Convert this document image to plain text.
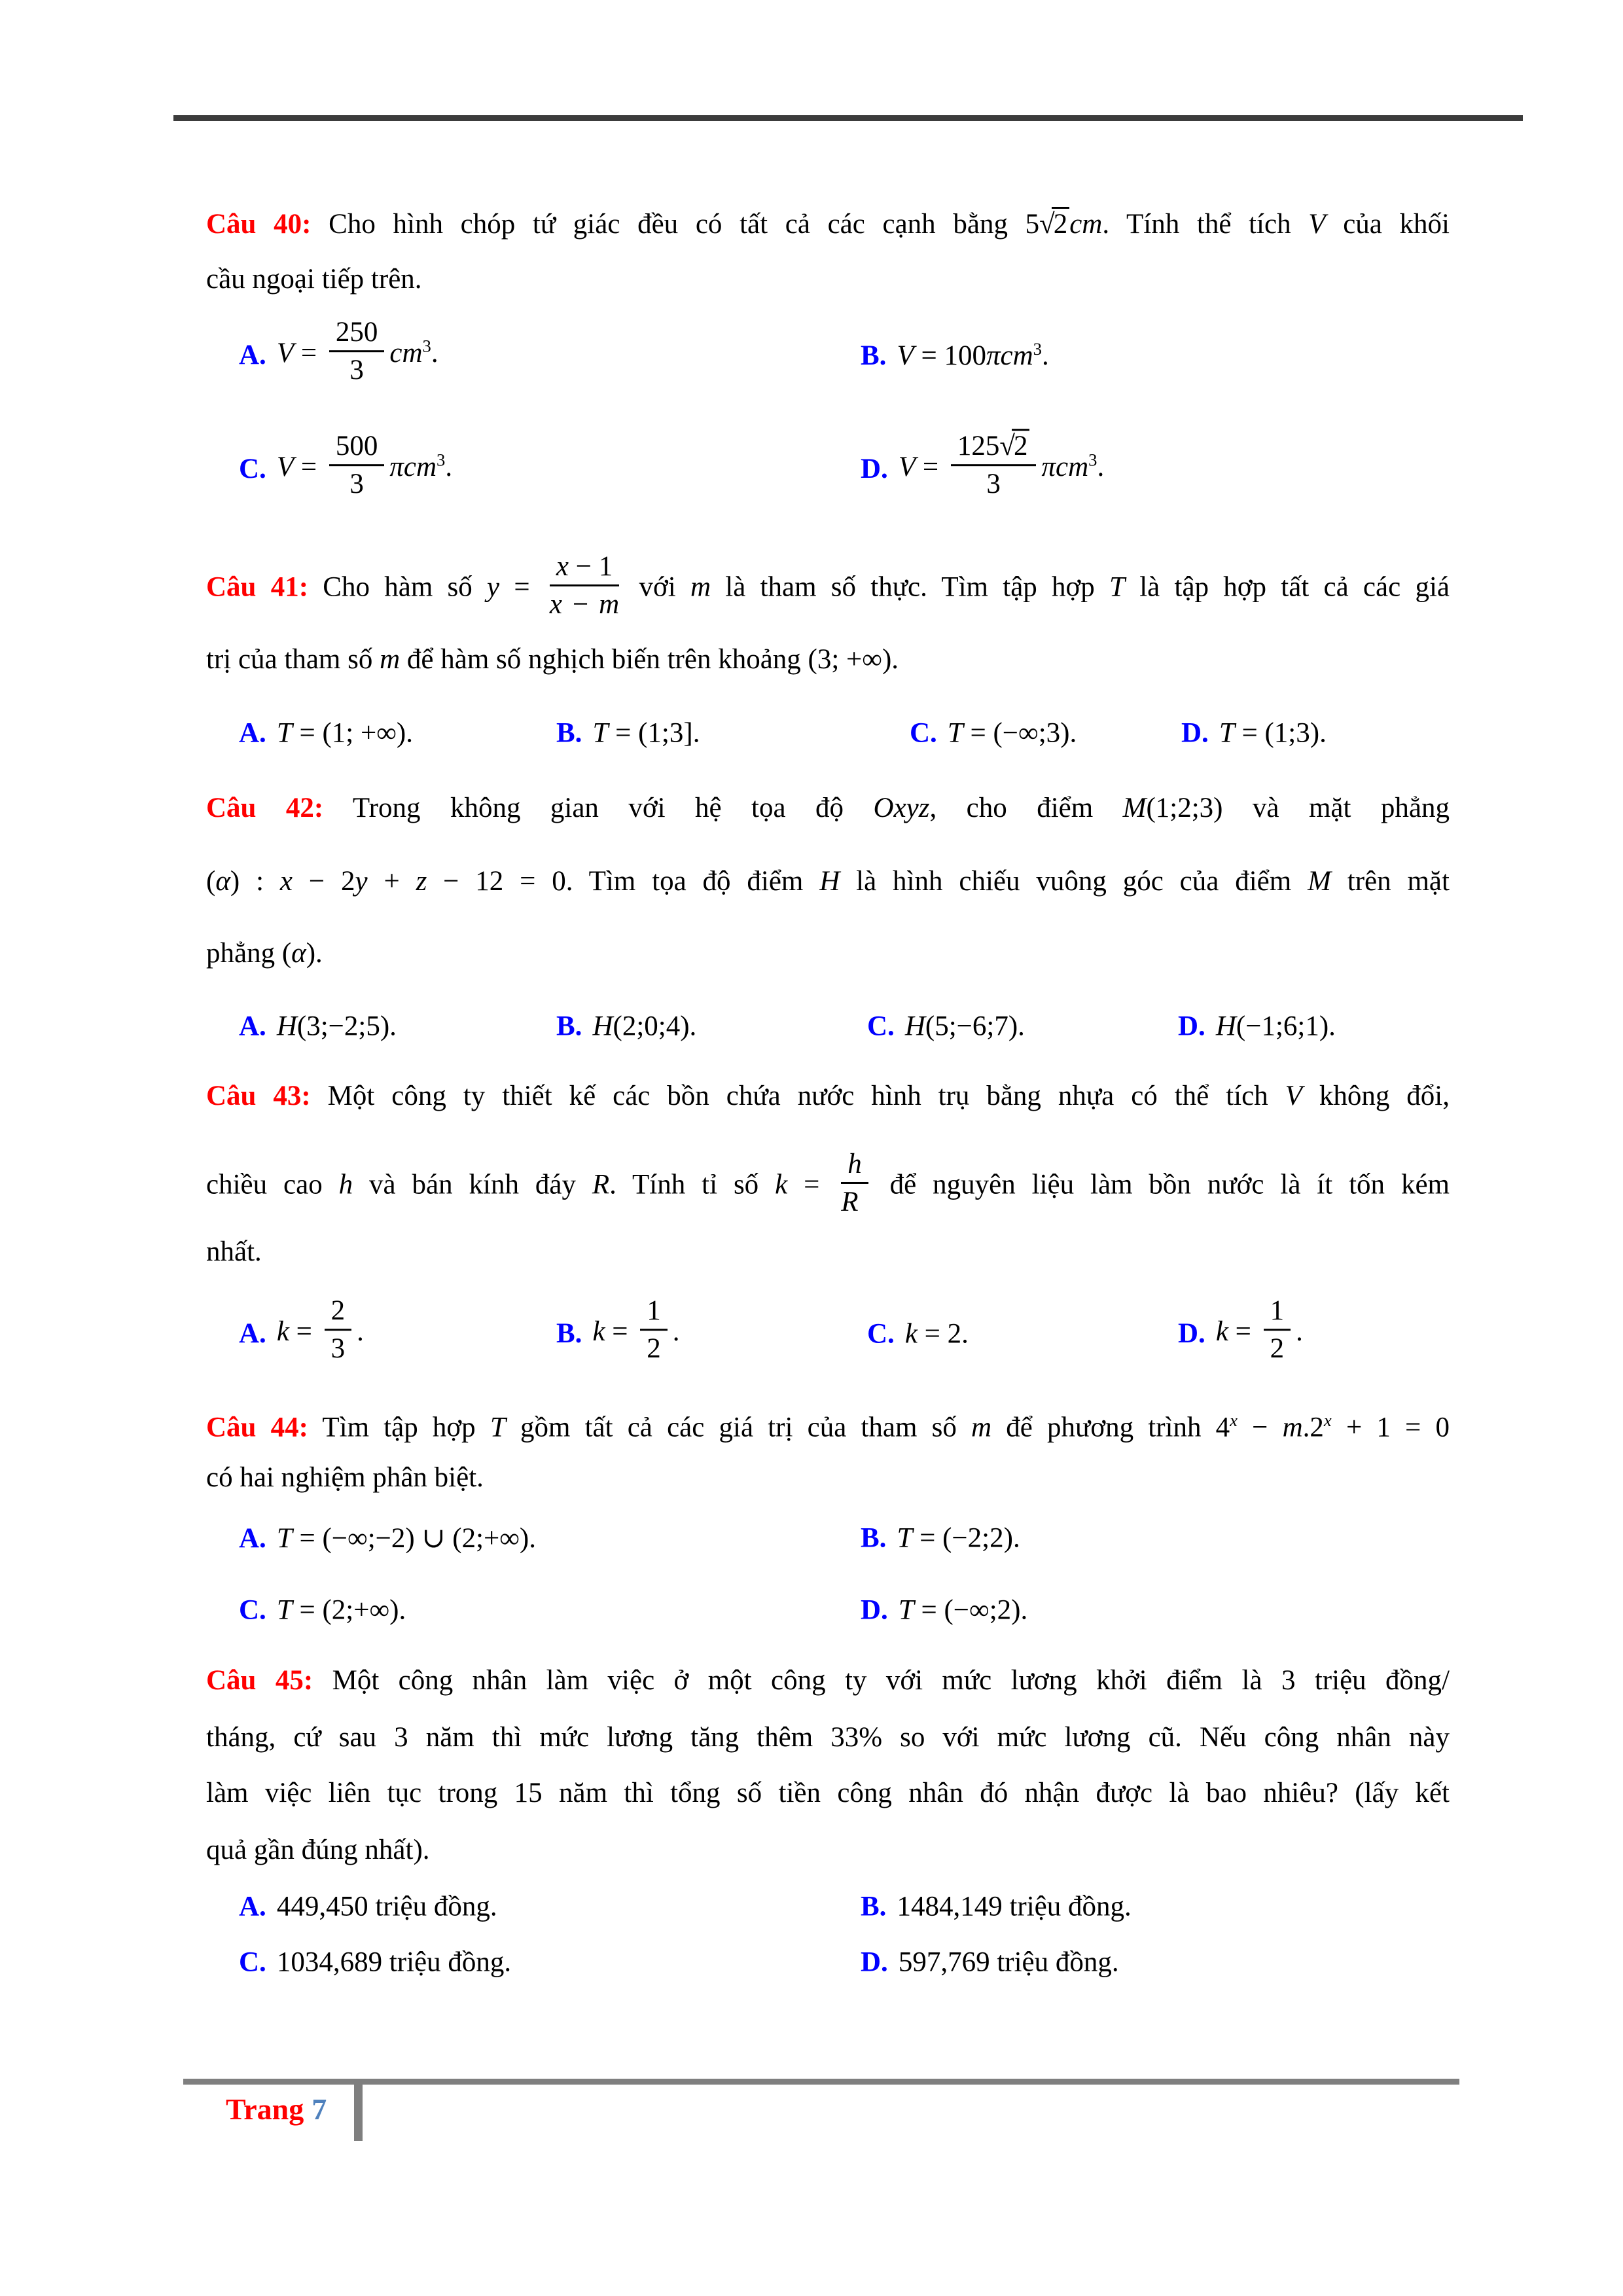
Câu 40: Cho hình chóp tứ giác đều có tất cả các cạnh bằng 5√2cm. Tính thể tích V của khối
cầu ngoại tiếp trên.
A. $V = \frac{250}{3} cm^3$.	B. V = 100πcm$^3$.
C. $V = \frac{500}{3} \pi cm^3$.	D. $V = \frac{125√2}{3} \pi cm^3$.
Câu 41: Cho hàm số $y = \frac{x - 1}{x - m}$ với m là tham số thực. Tìm tập hợp T là tập hợp tất cả các giá
trị của tham số m để hàm số nghịch biến trên khoảng (3; +∞).
A. T = (1; +∞).	B. T = (1;3].	C. T = (−∞;3).	D. T = (1;3).
Câu 42: Trong không gian với hệ tọa độ Oxyz, cho điểm M(1;2;3) và mặt phẳng
(α) : x − 2y + z − 12 = 0. Tìm tọa độ điểm H là hình chiếu vuông góc của điểm M trên mặt
phẳng (α).
A. H(3;−2;5).	B. H(2;0;4).	C. H(5;−6;7).	D. H(−1;6;1).
Câu 43: Một công ty thiết kế các bồn chứa nước hình trụ bằng nhựa có thể tích V không đổi,
chiều cao h và bán kính đáy R. Tính tỉ số $k = \frac{h}{R}$ để nguyên liệu làm bồn nước là ít tốn kém
nhất.
A. $k = \frac{2}{3}$ .	B. $k = \frac{1}{2}$ .	C. k = 2.	D. $k = \frac{1}{2}$ .
Câu 44: Tìm tập hợp T gồm tất cả các giá trị của tham số m để phương trình $4^x - m.2^x + 1 = 0$
có hai nghiệm phân biệt.
A. T = (−∞;−2) ∪ (2;+∞).	B. T = (−2;2).
C. T = (2;+∞).	D. T = (−∞;2).
Câu 45: Một công nhân làm việc ở một công ty với mức lương khởi điểm là 3 triệu đồng/
tháng, cứ sau 3 năm thì mức lương tăng thêm 33% so với mức lương cũ. Nếu công nhân này
làm việc liên tục trong 15 năm thì tổng số tiền công nhân đó nhận được là bao nhiêu? (lấy kết
quả gần đúng nhất).
A. 449,450 triệu đồng.	B. 1484,149 triệu đồng.
C. 1034,689 triệu đồng.	D. 597,769 triệu đồng.
Trang 7
